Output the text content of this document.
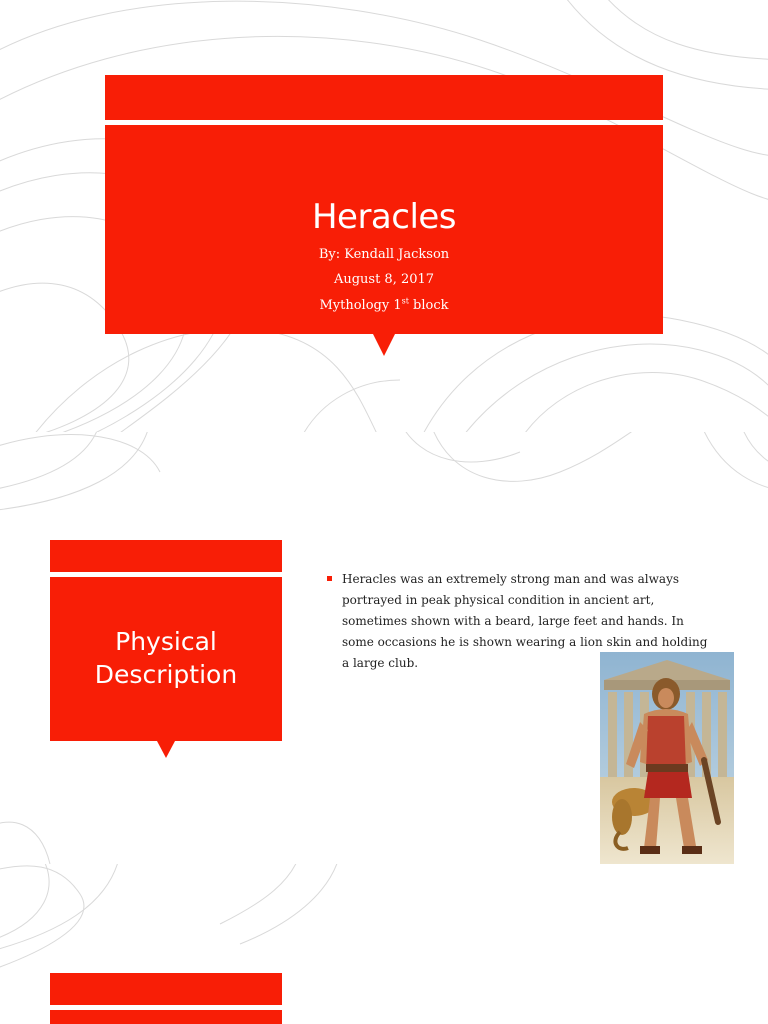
Heracles
By: Kendall Jackson
August 8, 2017
Mythology 1st block
Physical
Description
Heracles was an extremely strong man and was always portrayed in peak physical condition in ancient art, sometimes shown with a beard, large feet and hands. In some occasions he is shown wearing a lion skin and holding a large club.
